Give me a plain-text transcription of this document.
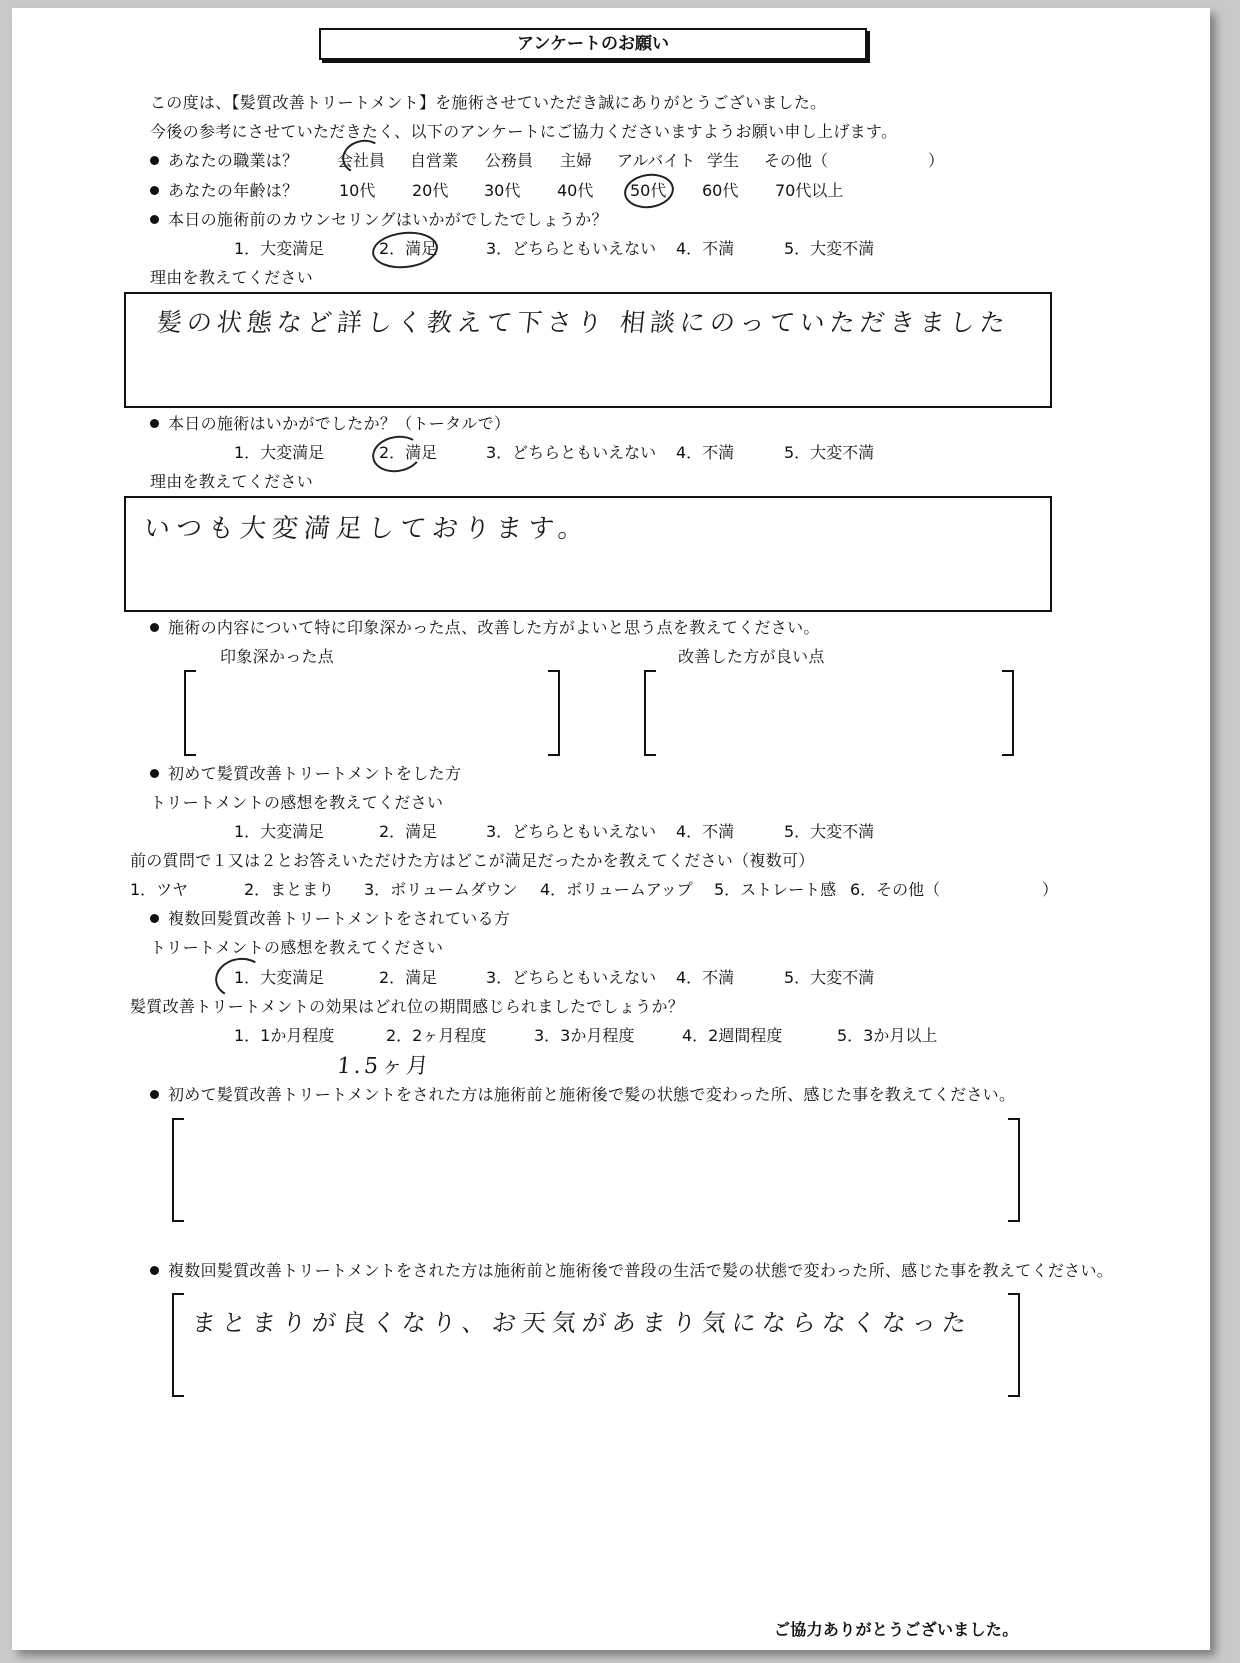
アンケートのお願い
この度は、【髪質改善トリートメント】を施術させていただき誠にありがとうございました。
今後の参考にさせていただきたく、以下のアンケートにご協力くださいますようお願い申し上げます。
あなたの職業は？ 会社員 自営業 公務員 主婦 アルバイト 学生 その他（	）
あなたの年齢は？	10代 20代 30代 40代 50代 60代 70代以上
本日の施術前のカウンセリングはいかがでしたでしょうか？
1．大変満足	2．満足	3．どちらともいえない 4．不満	5．大変不満
理由を教えてください
髪の状態など詳しく教えて下さり 相談にのっていただきました
本日の施術はいかがでしたか？（トータルで）
1．大変満足	2．満足	3．どちらともいえない 4．不満	5．大変不満
理由を教えてください
いつも大変満足しております。
施術の内容について特に印象深かった点、改善した方がよいと思う点を教えてください。
印象深かった点	改善した方が良い点
初めて髪質改善トリートメントをした方
トリートメントの感想を教えてください
1．大変満足	2．満足	3．どちらともいえない 4．不満	5．大変不満
前の質問で１又は２とお答えいただけた方はどこが満足だったかを教えてください（複数可）
1．ツヤ	2．まとまり 3．ボリュームダウン 4．ボリュームアップ 5．ストレート感 6．その他（	）
複数回髪質改善トリートメントをされている方
トリートメントの感想を教えてください
1．大変満足	2．満足	3．どちらともいえない 4．不満	5．大変不満
髪質改善トリートメントの効果はどれ位の期間感じられましたでしょうか？
1．1か月程度	2．2ヶ月程度	3．3か月程度	4．2週間程度	5．3か月以上
1.5ヶ月
初めて髪質改善トリートメントをされた方は施術前と施術後で髪の状態で変わった所、感じた事を教えてください。
複数回髪質改善トリートメントをされた方は施術前と施術後で普段の生活で髪の状態で変わった所、感じた事を教えてください。
まとまりが良くなり、お天気があまり気にならなくなった
ご協力ありがとうございました。
